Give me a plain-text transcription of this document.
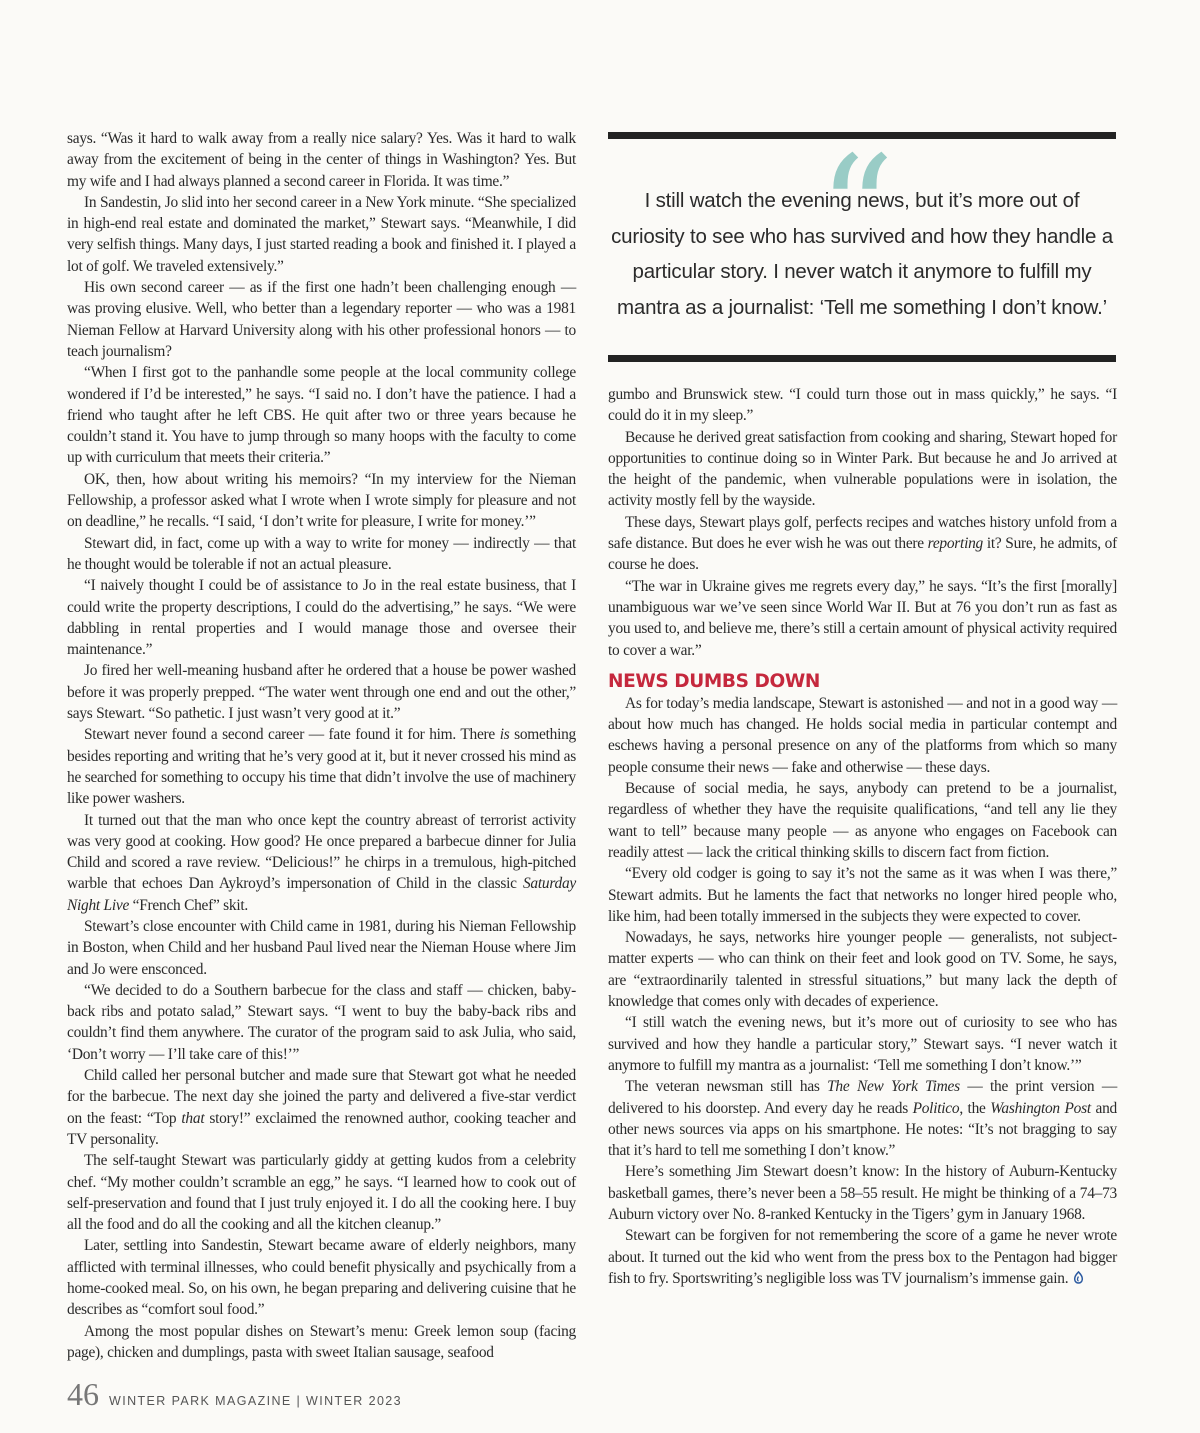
says. “Was it hard to walk away from a really nice salary? Yes. Was it hard to walk away from the excitement of being in the center of things in Washington? Yes. But my wife and I had always planned a second career in Florida. It was time.”

In Sandestin, Jo slid into her second career in a New York minute. “She specialized in high-end real estate and dominated the market,” Stewart says. “Meanwhile, I did very selfish things. Many days, I just started reading a book and finished it. I played a lot of golf. We traveled extensively.”

His own second career — as if the first one hadn’t been challenging enough — was proving elusive. Well, who better than a legendary reporter — who was a 1981 Nieman Fellow at Harvard University along with his other professional honors — to teach journalism?

“When I first got to the panhandle some people at the local community college wondered if I’d be interested,” he says. “I said no. I don’t have the patience. I had a friend who taught after he left CBS. He quit after two or three years because he couldn’t stand it. You have to jump through so many hoops with the faculty to come up with curriculum that meets their criteria.”

OK, then, how about writing his memoirs? “In my interview for the Nieman Fellowship, a professor asked what I wrote when I wrote simply for pleasure and not on deadline,” he recalls. “I said, ‘I don’t write for pleasure, I write for money.’”

Stewart did, in fact, come up with a way to write for money — indirectly — that he thought would be tolerable if not an actual pleasure.

“I naively thought I could be of assistance to Jo in the real estate business, that I could write the property descriptions, I could do the advertising,” he says. “We were dabbling in rental properties and I would manage those and oversee their maintenance.”

Jo fired her well-meaning husband after he ordered that a house be power washed before it was properly prepped. “The water went through one end and out the other,” says Stewart. “So pathetic. I just wasn’t very good at it.”

Stewart never found a second career — fate found it for him. There is something besides reporting and writing that he’s very good at it, but it never crossed his mind as he searched for something to occupy his time that didn’t involve the use of machinery like power washers.

It turned out that the man who once kept the country abreast of terrorist activity was very good at cooking. How good? He once prepared a barbecue dinner for Julia Child and scored a rave review. “Delicious!” he chirps in a tremulous, high-pitched warble that echoes Dan Aykroyd’s impersonation of Child in the classic Saturday Night Live “French Chef” skit.

Stewart’s close encounter with Child came in 1981, during his Nieman Fellowship in Boston, when Child and her husband Paul lived near the Nieman House where Jim and Jo were ensconced.

“We decided to do a Southern barbecue for the class and staff — chicken, baby-back ribs and potato salad,” Stewart says. “I went to buy the baby-back ribs and couldn’t find them anywhere. The curator of the program said to ask Julia, who said, ‘Don’t worry — I’ll take care of this!’”

Child called her personal butcher and made sure that Stewart got what he needed for the barbecue. The next day she joined the party and delivered a five-star verdict on the feast: “Top that story!” exclaimed the renowned author, cooking teacher and TV personality.

The self-taught Stewart was particularly giddy at getting kudos from a celebrity chef. “My mother couldn’t scramble an egg,” he says. “I learned how to cook out of self-preservation and found that I just truly enjoyed it. I do all the cooking here. I buy all the food and do all the cooking and all the kitchen cleanup.”

Later, settling into Sandestin, Stewart became aware of elderly neighbors, many afflicted with terminal illnesses, who could benefit physically and psychically from a home-cooked meal. So, on his own, he began preparing and delivering cuisine that he describes as “comfort soul food.”

Among the most popular dishes on Stewart’s menu: Greek lemon soup (facing page), chicken and dumplings, pasta with sweet Italian sausage, seafood

“
I still watch the evening news, but it’s more out of curiosity to see who has survived and how they handle a particular story. I never watch it anymore to fulfill my mantra as a journalist: ‘Tell me something I don’t know.’

gumbo and Brunswick stew. “I could turn those out in mass quickly,” he says. “I could do it in my sleep.”

Because he derived great satisfaction from cooking and sharing, Stewart hoped for opportunities to continue doing so in Winter Park. But because he and Jo arrived at the height of the pandemic, when vulnerable populations were in isolation, the activity mostly fell by the wayside.

These days, Stewart plays golf, perfects recipes and watches history unfold from a safe distance. But does he ever wish he was out there reporting it? Sure, he admits, of course he does.

“The war in Ukraine gives me regrets every day,” he says. “It’s the first [morally] unambiguous war we’ve seen since World War II. But at 76 you don’t run as fast as you used to, and believe me, there’s still a certain amount of physical activity required to cover a war.”

NEWS DUMBS DOWN

As for today’s media landscape, Stewart is astonished — and not in a good way — about how much has changed. He holds social media in particular contempt and eschews having a personal presence on any of the platforms from which so many people consume their news — fake and otherwise — these days.

Because of social media, he says, anybody can pretend to be a journalist, regardless of whether they have the requisite qualifications, “and tell any lie they want to tell” because many people — as anyone who engages on Facebook can readily attest — lack the critical thinking skills to discern fact from fiction.

“Every old codger is going to say it’s not the same as it was when I was there,” Stewart admits. But he laments the fact that networks no longer hired people who, like him, had been totally immersed in the subjects they were expected to cover.

Nowadays, he says, networks hire younger people — generalists, not subject-matter experts — who can think on their feet and look good on TV. Some, he says, are “extraordinarily talented in stressful situations,” but many lack the depth of knowledge that comes only with decades of experience.

“I still watch the evening news, but it’s more out of curiosity to see who has survived and how they handle a particular story,” Stewart says. “I never watch it anymore to fulfill my mantra as a journalist: ‘Tell me something I don’t know.’”

The veteran newsman still has The New York Times — the print version — delivered to his doorstep. And every day he reads Politico, the Washington Post and other news sources via apps on his smartphone. He notes: “It’s not bragging to say that it’s hard to tell me something I don’t know.”

Here’s something Jim Stewart doesn’t know: In the history of Auburn-Kentucky basketball games, there’s never been a 58–55 result. He might be thinking of a 74–73 Auburn victory over No. 8-ranked Kentucky in the Tigers’ gym in January 1968.

Stewart can be forgiven for not remembering the score of a game he never wrote about. It turned out the kid who went from the press box to the Pentagon had bigger fish to fry. Sportswriting’s negligible loss was TV journalism’s immense gain.

46 WINTER PARK MAGAZINE | WINTER 2023
